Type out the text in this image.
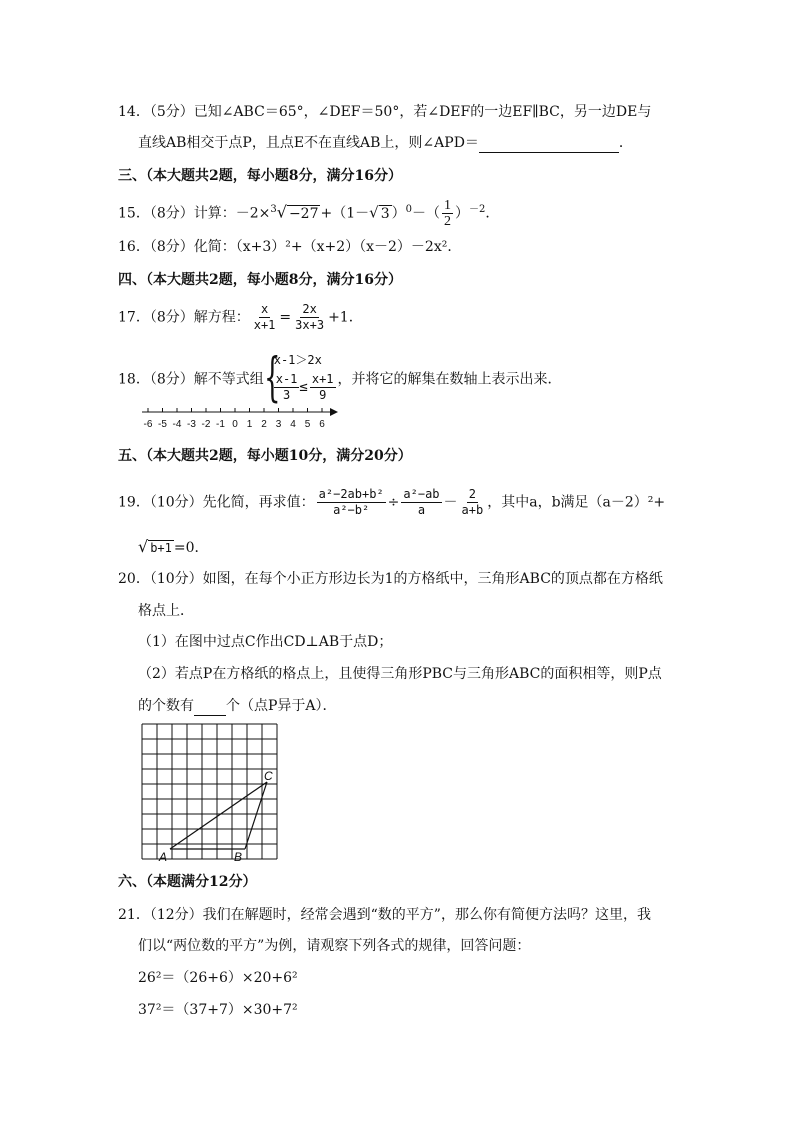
14．（5分）已知∠ABC＝65°，∠DEF＝50°，若∠DEF的一边EF∥BC，另一边DE与
直线AB相交于点P，且点E不在直线AB上，则∠APD＝	．
三、（本大题共2题，每小题8分，满分16分）
15．（8分）计算：－2×$^3$√ −27 +（1－√ 3 ）$^0-( \frac{1}{2} )^{-2}$．
16．（8分）化简：（x+3）²+（x+2）（x－2）－2x²．
四、（本大题共2题，每小题8分，满分16分）
17．（8分）解方程： $\frac{x}{x+1} = \frac{2x}{3x+3} +1$．
18．（8分）解不等式组 {
x-1＞2x
$\frac{x-1}{3} \le \frac{x+1}{9}$ ，并将它的解集在数轴上表示出来．
-6 -5 -4 -3 -2 -1 0 1 2 3 4 5 6
五、（本大题共2题，每小题10分，满分20分）
19．（10分）先化简，再求值： $\frac{\text{a²−2ab+b²}}{\text{a²−b²}} \div \frac{\text{a²−ab}}{a} - \frac{2}{a+b}$ ，其中a，b满足（a－2）²+
√ b+1 =0．
20．（10分）如图，在每个小正方形边长为1的方格纸中，三角形ABC的顶点都在方格纸
格点上．
（1）在图中过点C作出CD⊥AB于点D；
（2）若点P在方格纸的格点上，且使得三角形PBC与三角形ABC的面积相等，则P点
的个数有 个（点P异于A）．
A	B
C
六、（本题满分12分）
21．（12分）我们在解题时，经常会遇到“数的平方”，那么你有简便方法吗？这里，我
们以“两位数的平方”为例，请观察下列各式的规律，回答问题：
26²＝（26+6）×20+6²
37²＝（37+7）×30+7²
